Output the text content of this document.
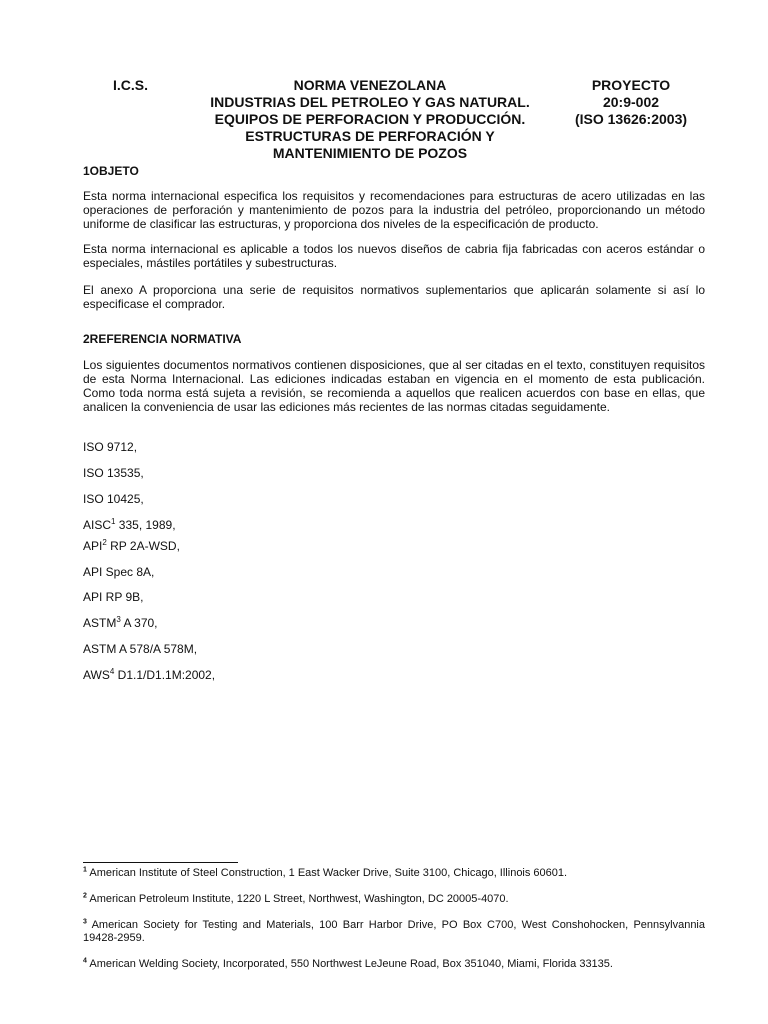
I.C.S.	NORMA VENEZOLANA
INDUSTRIAS DEL PETROLEO Y GAS NATURAL.
EQUIPOS DE PERFORACION Y PRODUCCIÓN.
ESTRUCTURAS DE PERFORACIÓN Y
MANTENIMIENTO DE POZOS
PROYECTO
20:9-002
(ISO 13626:2003)
1OBJETO
Esta norma internacional especifica los requisitos y recomendaciones para estructuras de acero utilizadas en las operaciones de perforación y mantenimiento de pozos para la industria del petróleo, proporcionando un método uniforme de clasificar las estructuras, y proporciona dos niveles de la especificación de producto.
Esta norma internacional es aplicable a todos los nuevos diseños de cabria fija fabricadas con aceros estándar o especiales, mástiles portátiles y subestructuras.
El anexo A proporciona una serie de requisitos normativos suplementarios que aplicarán solamente si así lo especificase el comprador.
2REFERENCIA NORMATIVA
Los siguientes documentos normativos contienen disposiciones, que al ser citadas en el texto, constituyen requisitos de esta Norma Internacional. Las ediciones indicadas estaban en vigencia en el momento de esta publicación. Como toda norma está sujeta a revisión, se recomienda a aquellos que realicen acuerdos con base en ellas, que analicen la conveniencia de usar las ediciones más recientes de las normas citadas seguidamente.
ISO 9712,
ISO 13535,
ISO 10425,
AISC$^1$ 335, 1989,
API$^2$ RP 2A-WSD,
API Spec 8A,
API RP 9B,
ASTM$^3$ A 370,
ASTM A 578/A 578M,
AWS$^4$ D1.1/D1.1M:2002,
$^1$ American Institute of Steel Construction, 1 East Wacker Drive, Suite 3100, Chicago, Illinois 60601.
$^2$ American Petroleum Institute, 1220 L Street, Northwest, Washington, DC 20005-4070.
$^3$ American Society for Testing and Materials, 100 Barr Harbor Drive, PO Box C700, West Conshohocken, Pennsylvannia 19428-2959.
$^4$ American Welding Society, Incorporated, 550 Northwest LeJeune Road, Box 351040, Miami, Florida 33135.
